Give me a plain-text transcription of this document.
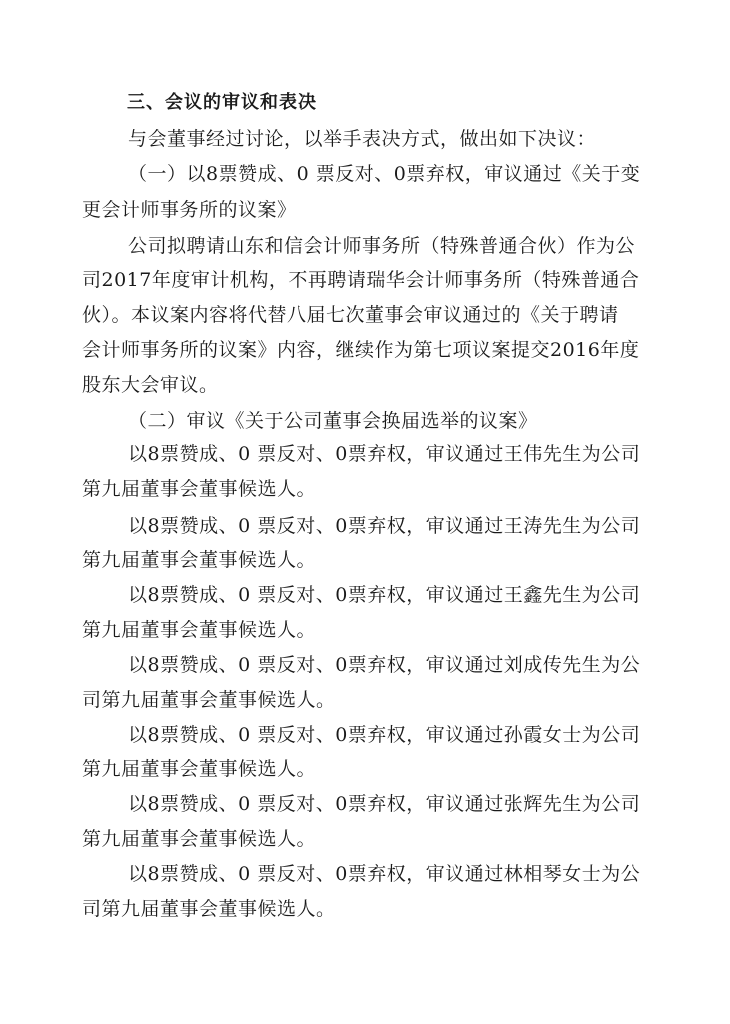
三、会议的审议和表决
与会董事经过讨论，以举手表决方式，做出如下决议：
（一）以8票赞成、0 票反对、0票弃权，审议通过《关于变
更会计师事务所的议案》
公司拟聘请山东和信会计师事务所（特殊普通合伙）作为公
司2017年度审计机构，不再聘请瑞华会计师事务所（特殊普通合
伙）。本议案内容将代替八届七次董事会审议通过的《关于聘请
会计师事务所的议案》内容，继续作为第七项议案提交2016年度
股东大会审议。
（二）审议《关于公司董事会换届选举的议案》
以8票赞成、0 票反对、0票弃权，审议通过王伟先生为公司
第九届董事会董事候选人。
以8票赞成、0 票反对、0票弃权，审议通过王涛先生为公司
第九届董事会董事候选人。
以8票赞成、0 票反对、0票弃权，审议通过王鑫先生为公司
第九届董事会董事候选人。
以8票赞成、0 票反对、0票弃权，审议通过刘成传先生为公
司第九届董事会董事候选人。
以8票赞成、0 票反对、0票弃权，审议通过孙霞女士为公司
第九届董事会董事候选人。
以8票赞成、0 票反对、0票弃权，审议通过张辉先生为公司
第九届董事会董事候选人。
以8票赞成、0 票反对、0票弃权，审议通过林相琴女士为公
司第九届董事会董事候选人。
